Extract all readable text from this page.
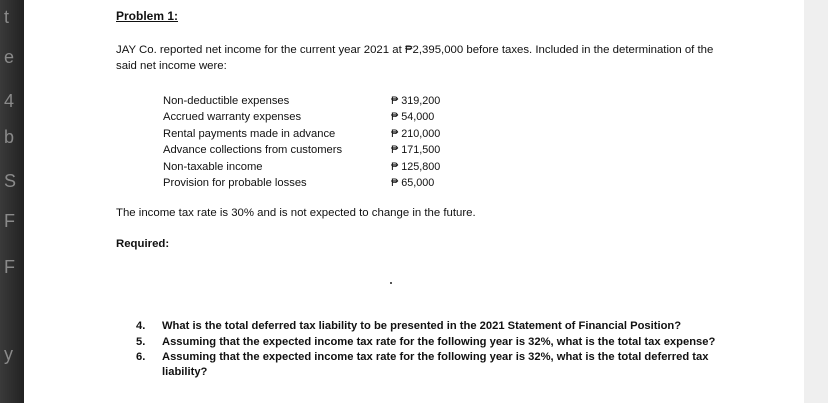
t
e
4
b
S
F
F
y
Problem 1:
JAY Co. reported net income for the current year 2021 at ₱2,395,000 before taxes. Included in the determination of the said net income were:
Non-deductible expenses	₱ 319,200
Accrued warranty expenses	₱ 54,000
Rental payments made in advance	₱ 210,000
Advance collections from customers	₱ 171,500
Non-taxable income	₱ 125,800
Provision for probable losses	₱ 65,000
The income tax rate is 30% and is not expected to change in the future.
Required:
4. What is the total deferred tax liability to be presented in the 2021 Statement of Financial Position?
5. Assuming that the expected income tax rate for the following year is 32%, what is the total tax expense?
6. Assuming that the expected income tax rate for the following year is 32%, what is the total deferred tax liability?
